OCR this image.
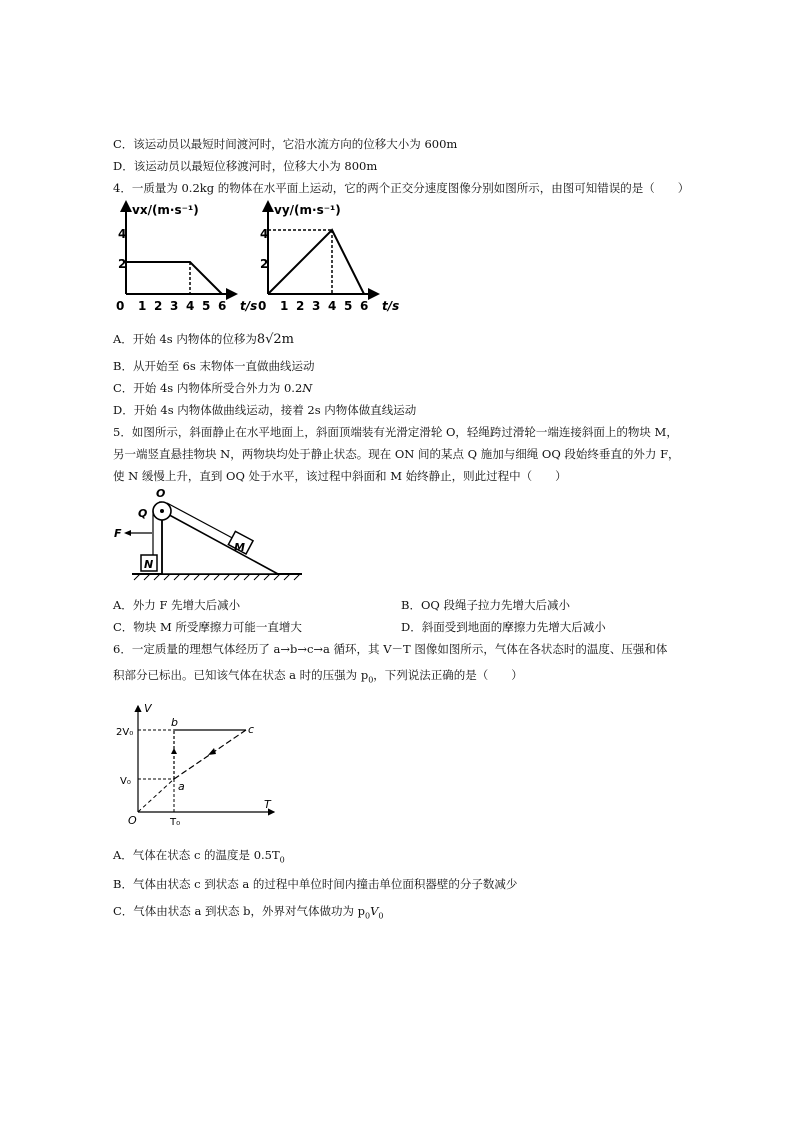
C．该运动员以最短时间渡河时，它沿水流方向的位移大小为 600m
D．该运动员以最短位移渡河时，位移大小为 800m
4．一质量为 0.2kg 的物体在水平面上运动，它的两个正交分速度图像分别如图所示，由图可知错误的是（　　）
vx/(m·s⁻¹)
4
2
0 1 2 3 4 5 6 t/s
vy/(m·s⁻¹)
4
2
0 1 2 3 4 5 6 t/s
A．开始 4s 内物体的位移为8√2m
B．从开始至 6s 末物体一直做曲线运动
C．开始 4s 内物体所受合外力为 0.2N
D．开始 4s 内物体做曲线运动，接着 2s 内物体做直线运动
5．如图所示，斜面静止在水平地面上，斜面顶端装有光滑定滑轮 O，轻绳跨过滑轮一端连接斜面上的物块 M，
另一端竖直悬挂物块 N，两物块均处于静止状态。现在 ON 间的某点 Q 施加与细绳 OQ 段始终垂直的外力 F，
使 N 缓慢上升，直到 OQ 处于水平，该过程中斜面和 M 始终静止，则此过程中（　　）
M
N
F
O
Q
A．外力 F 先增大后减小	B．OQ 段绳子拉力先增大后减小
C．物块 M 所受摩擦力可能一直增大	D．斜面受到地面的摩擦力先增大后减小
6．一定质量的理想气体经历了 a→b→c→a 循环，其 V－T 图像如图所示，气体在各状态时的温度、压强和体
积部分已标出。已知该气体在状态 a 时的压强为 $p_0$，下列说法正确的是（　　）
V
T
O
2V₀
V₀
T₀
b
c
a
A．气体在状态 c 的温度是 $0.5T_0$
B．气体由状态 c 到状态 a 的过程中单位时间内撞击单位面积器壁的分子数减少
C．气体由状态 a 到状态 b，外界对气体做功为 $p_0V_0$
